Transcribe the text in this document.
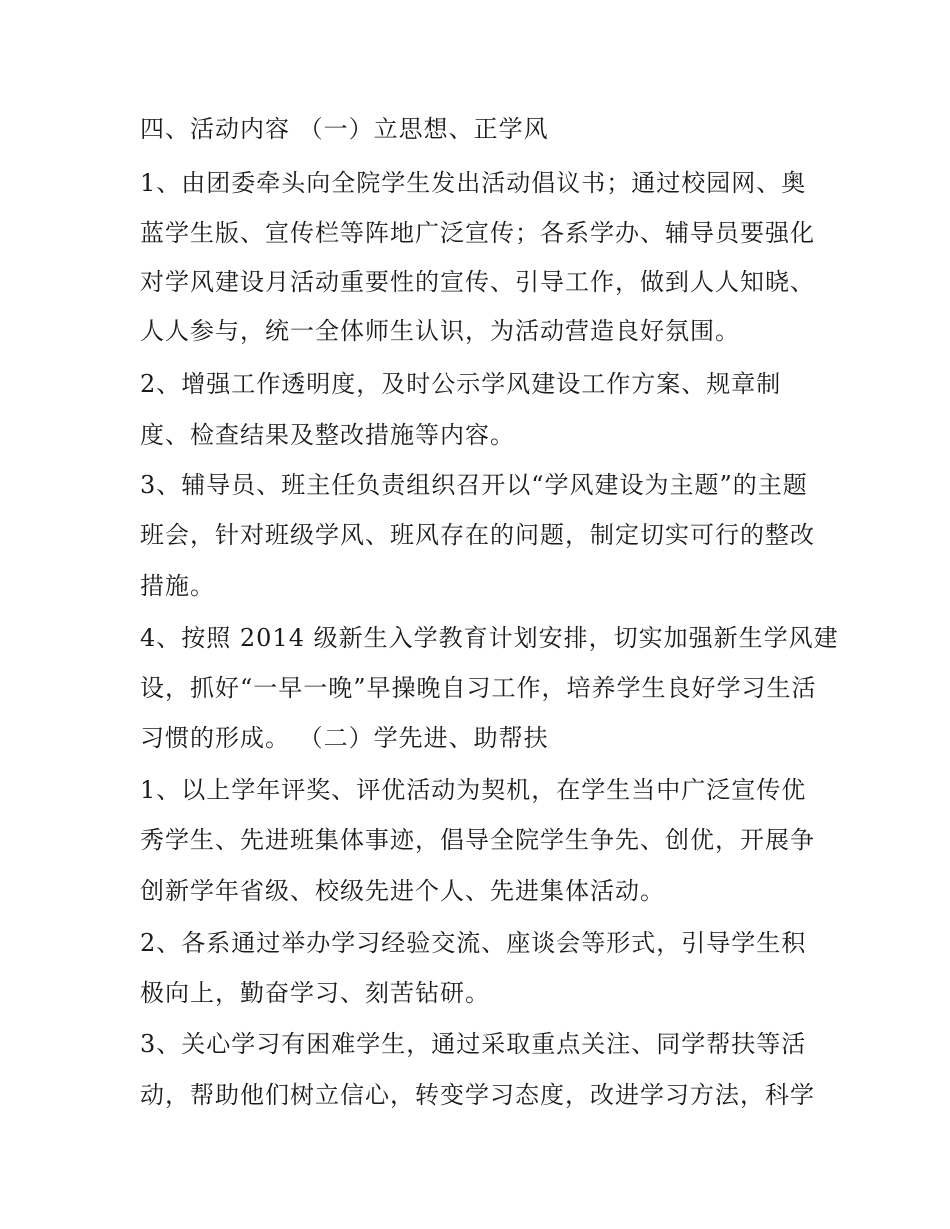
四、活动内容 （一）立思想、正学风
1、由团委牵头向全院学生发出活动倡议书；通过校园网、奥
蓝学生版、宣传栏等阵地广泛宣传；各系学办、辅导员要强化
对学风建设月活动重要性的宣传、引导工作，做到人人知晓、
人人参与，统一全体师生认识，为活动营造良好氛围。
2、增强工作透明度，及时公示学风建设工作方案、规章制
度、检查结果及整改措施等内容。
3、辅导员、班主任负责组织召开以“学风建设为主题”的主题
班会，针对班级学风、班风存在的问题，制定切实可行的整改
措施。
4、按照 2014 级新生入学教育计划安排，切实加强新生学风建
设，抓好“一早一晚”早操晚自习工作，培养学生良好学习生活
习惯的形成。 （二）学先进、助帮扶
1、以上学年评奖、评优活动为契机，在学生当中广泛宣传优
秀学生、先进班集体事迹，倡导全院学生争先、创优，开展争
创新学年省级、校级先进个人、先进集体活动。
2、各系通过举办学习经验交流、座谈会等形式，引导学生积
极向上，勤奋学习、刻苦钻研。
3、关心学习有困难学生，通过采取重点关注、同学帮扶等活
动，帮助他们树立信心，转变学习态度，改进学习方法，科学
